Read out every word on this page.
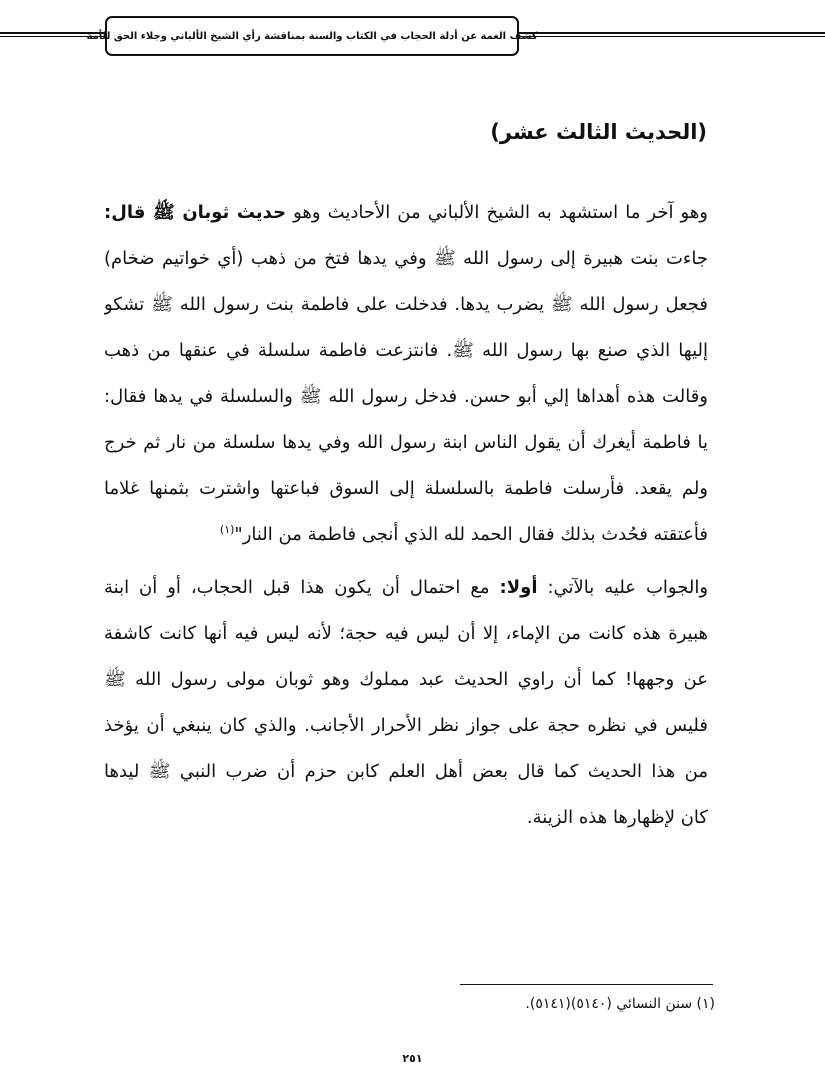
كشف الغمة عن أدلة الحجاب في الكتاب والسنة بمناقشة رأي الشيخ الألباني وجلاء الحق للأمة
(الحديث الثالث عشر)
وهو آخر ما استشهد به الشيخ الألباني من الأحاديث وهو حديث ثوبان ﷺ قال:
جاءت بنت هبيرة إلى رسول الله ﷺ وفي يدها فتخ من ذهب (أي خواتيم ضخام)
فجعل رسول الله ﷺ يضرب يدها. فدخلت على فاطمة بنت رسول الله ﷺ تشكو
إليها الذي صنع بها رسول الله ﷺ. فانتزعت فاطمة سلسلة في عنقها من ذهب
وقالت هذه أهداها إلي أبو حسن. فدخل رسول الله ﷺ والسلسلة في يدها فقال:
يا فاطمة أيغرك أن يقول الناس ابنة رسول الله وفي يدها سلسلة من نار ثم خرج
ولم يقعد. فأرسلت فاطمة بالسلسلة إلى السوق فباعتها واشترت بثمنها غلاما
فأعتقته فحُدث بذلك فقال الحمد لله الذي أنجى فاطمة من النار"$^{(١)}$
والجواب عليه بالآتي: أولا: مع احتمال أن يكون هذا قبل الحجاب، أو أن ابنة
هبيرة هذه كانت من الإماء، إلا أن ليس فيه حجة؛ لأنه ليس فيه أنها كانت كاشفة
عن وجهها! كما أن راوي الحديث عبد مملوك وهو ثوبان مولى رسول الله ﷺ
فليس في نظره حجة على جواز نظر الأحرار الأجانب. والذي كان ينبغي أن يؤخذ
من هذا الحديث كما قال بعض أهل العلم كابن حزم أن ضرب النبي ﷺ ليدها
كان لإظهارها هذه الزينة.
(١) سنن النسائي (٥١٤٠)(٥١٤١).
٢٥١
